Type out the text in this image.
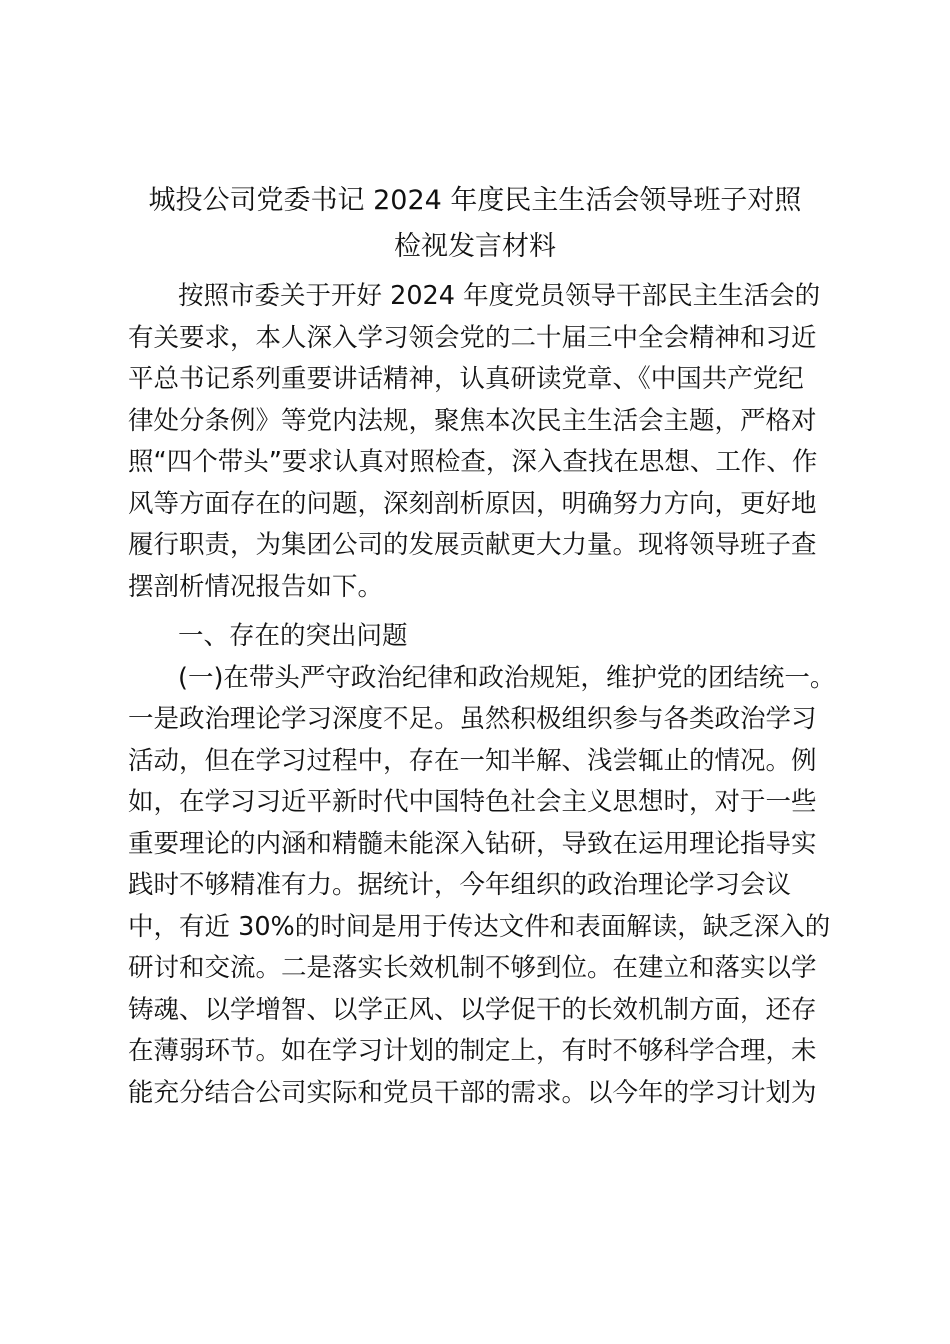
城投公司党委书记 2024 年度民主生活会领导班子对照
检视发言材料
按照市委关于开好 2024 年度党员领导干部民主生活会的
有关要求，本人深入学习领会党的二十届三中全会精神和习近
平总书记系列重要讲话精神，认真研读党章、《中国共产党纪
律处分条例》等党内法规，聚焦本次民主生活会主题，严格对
照“四个带头”要求认真对照检查，深入查找在思想、工作、作
风等方面存在的问题，深刻剖析原因，明确努力方向，更好地
履行职责，为集团公司的发展贡献更大力量。现将领导班子查
摆剖析情况报告如下。
一、存在的突出问题
(一)在带头严守政治纪律和政治规矩，维护党的团结统一。
一是政治理论学习深度不足。虽然积极组织参与各类政治学习
活动，但在学习过程中，存在一知半解、浅尝辄止的情况。例
如，在学习习近平新时代中国特色社会主义思想时，对于一些
重要理论的内涵和精髓未能深入钻研，导致在运用理论指导实
践时不够精准有力。据统计，今年组织的政治理论学习会议
中，有近 30%的时间是用于传达文件和表面解读，缺乏深入的
研讨和交流。二是落实长效机制不够到位。在建立和落实以学
铸魂、以学增智、以学正风、以学促干的长效机制方面，还存
在薄弱环节。如在学习计划的制定上，有时不够科学合理，未
能充分结合公司实际和党员干部的需求。以今年的学习计划为
